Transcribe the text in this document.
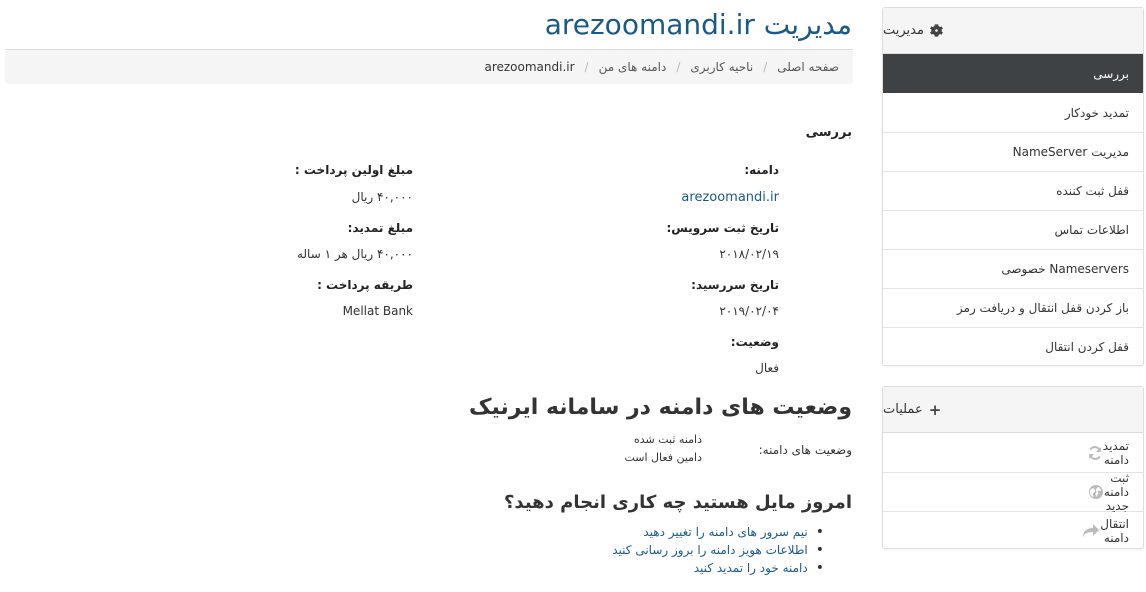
مدیریت arezoomandi.ir
صفحه اصلی
/
ناحیه کاربری
/
دامنه های من
/
arezoomandi.ir
بررسی
دامنه:
arezoomandi.ir
تاریخ ثبت سرویس:
۲۰۱۸/۰۲/۱۹
تاریخ سررسید:
۲۰۱۹/۰۲/۰۴
وضعیت:
فعال
مبلغ اولین پرداخت :
۴۰,۰۰۰ ریال
مبلغ تمدید:
۴۰,۰۰۰ ریال هر ۱ ساله
طریقه پرداخت :
Mellat Bank
وضعیت های دامنه در سامانه ایرنیک
وضعیت های دامنه:
دامنه ثبت شده
دامین فعال است
امروز مایل هستید چه کاری انجام دهید؟
• نیم سرور های دامنه را تغییر دهید
• اطلاعات هویز دامنه را بروز رسانی کنید
• دامنه خود را تمدید کنید
مدیریت
بررسی
تمدید خودکار
مدیریت NameServer
قفل ثبت کننده
اطلاعات تماس
Nameservers خصوصی
باز کردن قفل انتقال و دریافت رمز
قفل کردن انتقال
+
عملیات
تمدید دامنه
ثبت دامنه جدید
انتقال دامنه
